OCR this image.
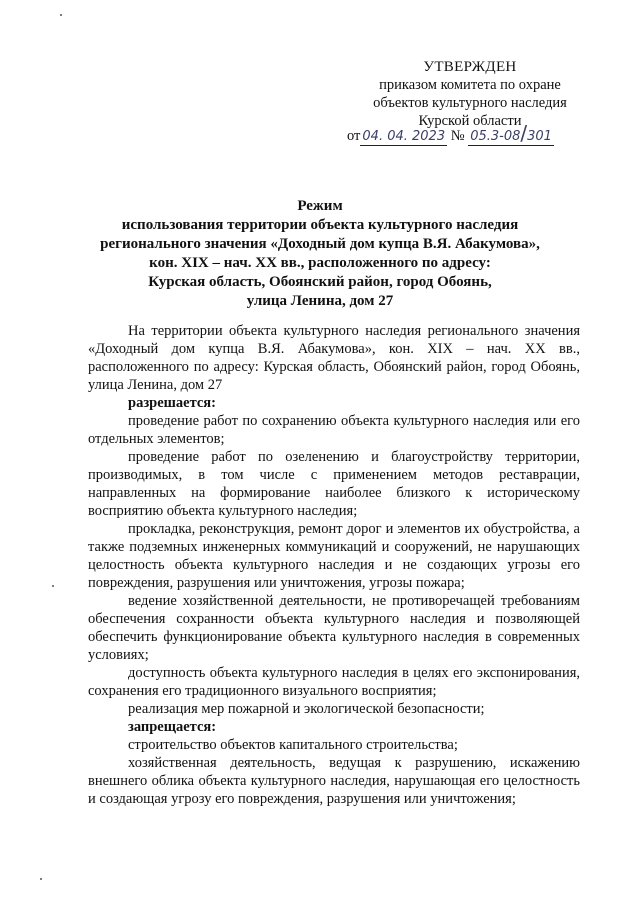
УТВЕРЖДЕН
приказом комитета по охране
объектов культурного наследия
Курской области
от 04. 04. 2023 № 05.3-08/301
Режим
использования территории объекта культурного наследия
регионального значения «Доходный дом купца В.Я. Абакумова»,
кон. XIX – нач. XX вв., расположенного по адресу:
Курская область, Обоянский район, город Обоянь,
улица Ленина, дом 27

На территории объекта культурного наследия регионального значения «Доходный дом купца В.Я. Абакумова», кон. XIX – нач. XX вв., расположенного по адресу: Курская область, Обоянский район, город Обоянь, улица Ленина, дом 27

разрешается:

проведение работ по сохранению объекта культурного наследия или его отдельных элементов;

проведение работ по озеленению и благоустройству территории, производимых, в том числе с применением методов реставрации, направленных на формирование наиболее близкого к историческому восприятию объекта культурного наследия;

прокладка, реконструкция, ремонт дорог и элементов их обустройства, а также подземных инженерных коммуникаций и сооружений, не нарушающих целостность объекта культурного наследия и не создающих угрозы его повреждения, разрушения или уничтожения, угрозы пожара;

ведение хозяйственной деятельности, не противоречащей требованиям обеспечения сохранности объекта культурного наследия и позволяющей обеспечить функционирование объекта культурного наследия в современных условиях;

доступность объекта культурного наследия в целях его экспонирования, сохранения его традиционного визуального восприятия;

реализация мер пожарной и экологической безопасности;

запрещается:

строительство объектов капитального строительства;

хозяйственная деятельность, ведущая к разрушению, искажению внешнего облика объекта культурного наследия, нарушающая его целостность и создающая угрозу его повреждения, разрушения или уничтожения;
